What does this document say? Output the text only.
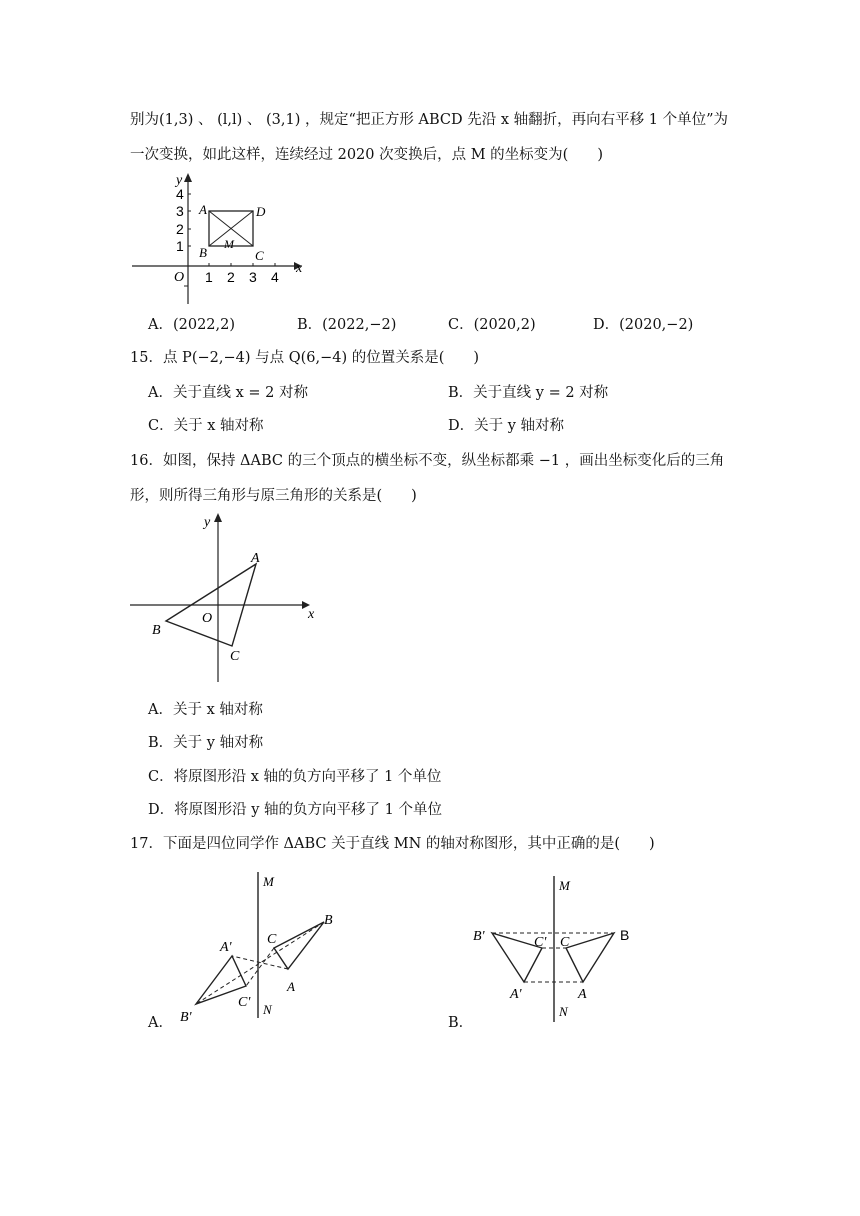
别为(1,3) 、 (l,l) 、 (3,1) ，规定“把正方形 ABCD 先沿 x 轴翻折，再向右平移 1 个单位”为
一次变换，如此这样，连续经过 2020 次变换后，点 M 的坐标变为(　　)
x
y
O 1 2 3 4
1
2
3
4
A
B	C
D
M
A．(2022,2)	B．(2022,−2)	C．(2020,2)	D．(2020,−2)
15．点 P(−2,−4) 与点 Q(6,−4) 的位置关系是(　　)
A．关于直线 x = 2 对称	B．关于直线 y = 2 对称
C．关于 x 轴对称	D．关于 y 轴对称
16．如图，保持 ΔABC 的三个顶点的横坐标不变，纵坐标都乘 −1 ，画出坐标变化后的三角
形，则所得三角形与原三角形的关系是(　　)
x
y
O
A
B
C
A．关于 x 轴对称
B．关于 y 轴对称
C．将原图形沿 x 轴的负方向平移了 1 个单位
D．将原图形沿 y 轴的负方向平移了 1 个单位
17．下面是四位同学作 ΔABC 关于直线 MN 的轴对称图形，其中正确的是(　　)
A．
M
N
A'
B
C
A
B'
C'
B．
M
N
B'	C' C	B
A'	A
